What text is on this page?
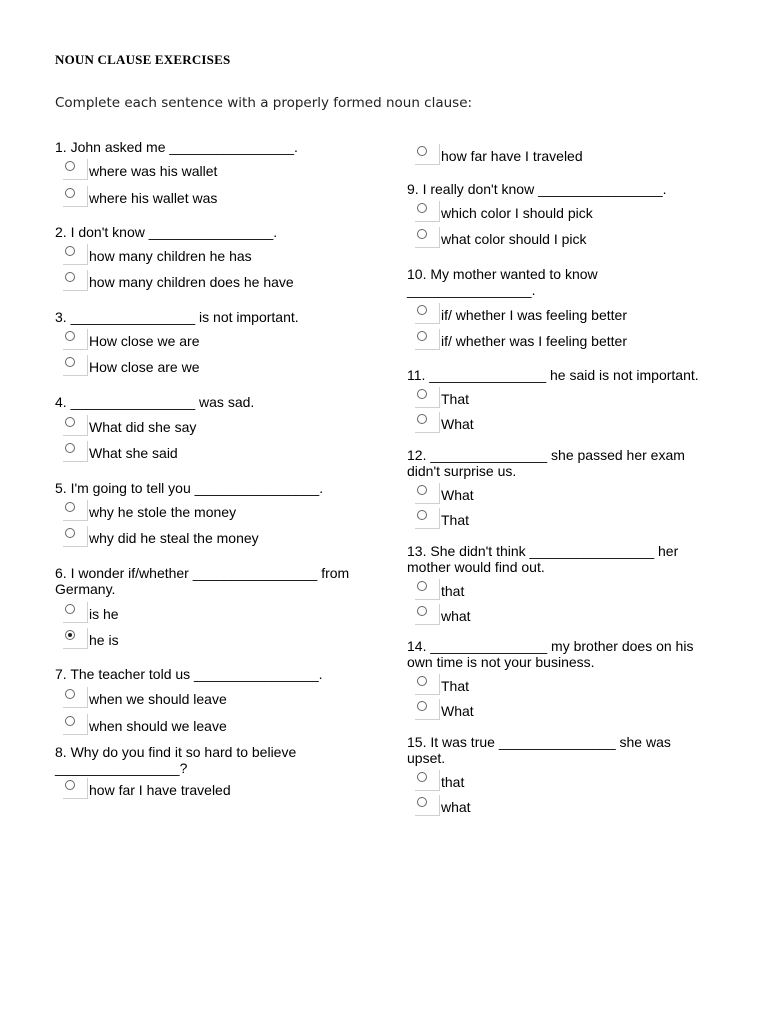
NOUN CLAUSE EXERCISES
Complete each sentence with a properly formed noun clause:
1. John asked me ________________.
where was his wallet
where his wallet was
2. I don't know ________________.
how many children he has
how many children does he have
3. ________________ is not important.
How close we are
How close are we
4. ________________ was sad.
What did she say
What she said
5. I'm going to tell you ________________.
why he stole the money
why did he steal the money
6. I wonder if/whether ________________ from
Germany.
is he
he is
7. The teacher told us ________________.
when we should leave
when should we leave
8. Why do you find it so hard to believe
________________?
how far I have traveled
how far have I traveled
9. I really don't know ________________.
which color I should pick
what color should I pick
10. My mother wanted to know
________________.
if/ whether I was feeling better
if/ whether was I feeling better
11. _______________ he said is not important.
That
What
12. _______________ she passed her exam
didn't surprise us.
What
That
13. She didn't think ________________ her
mother would find out.
that
what
14. _______________ my brother does on his
own time is not your business.
That
What
15. It was true _______________ she was
upset.
that
what
